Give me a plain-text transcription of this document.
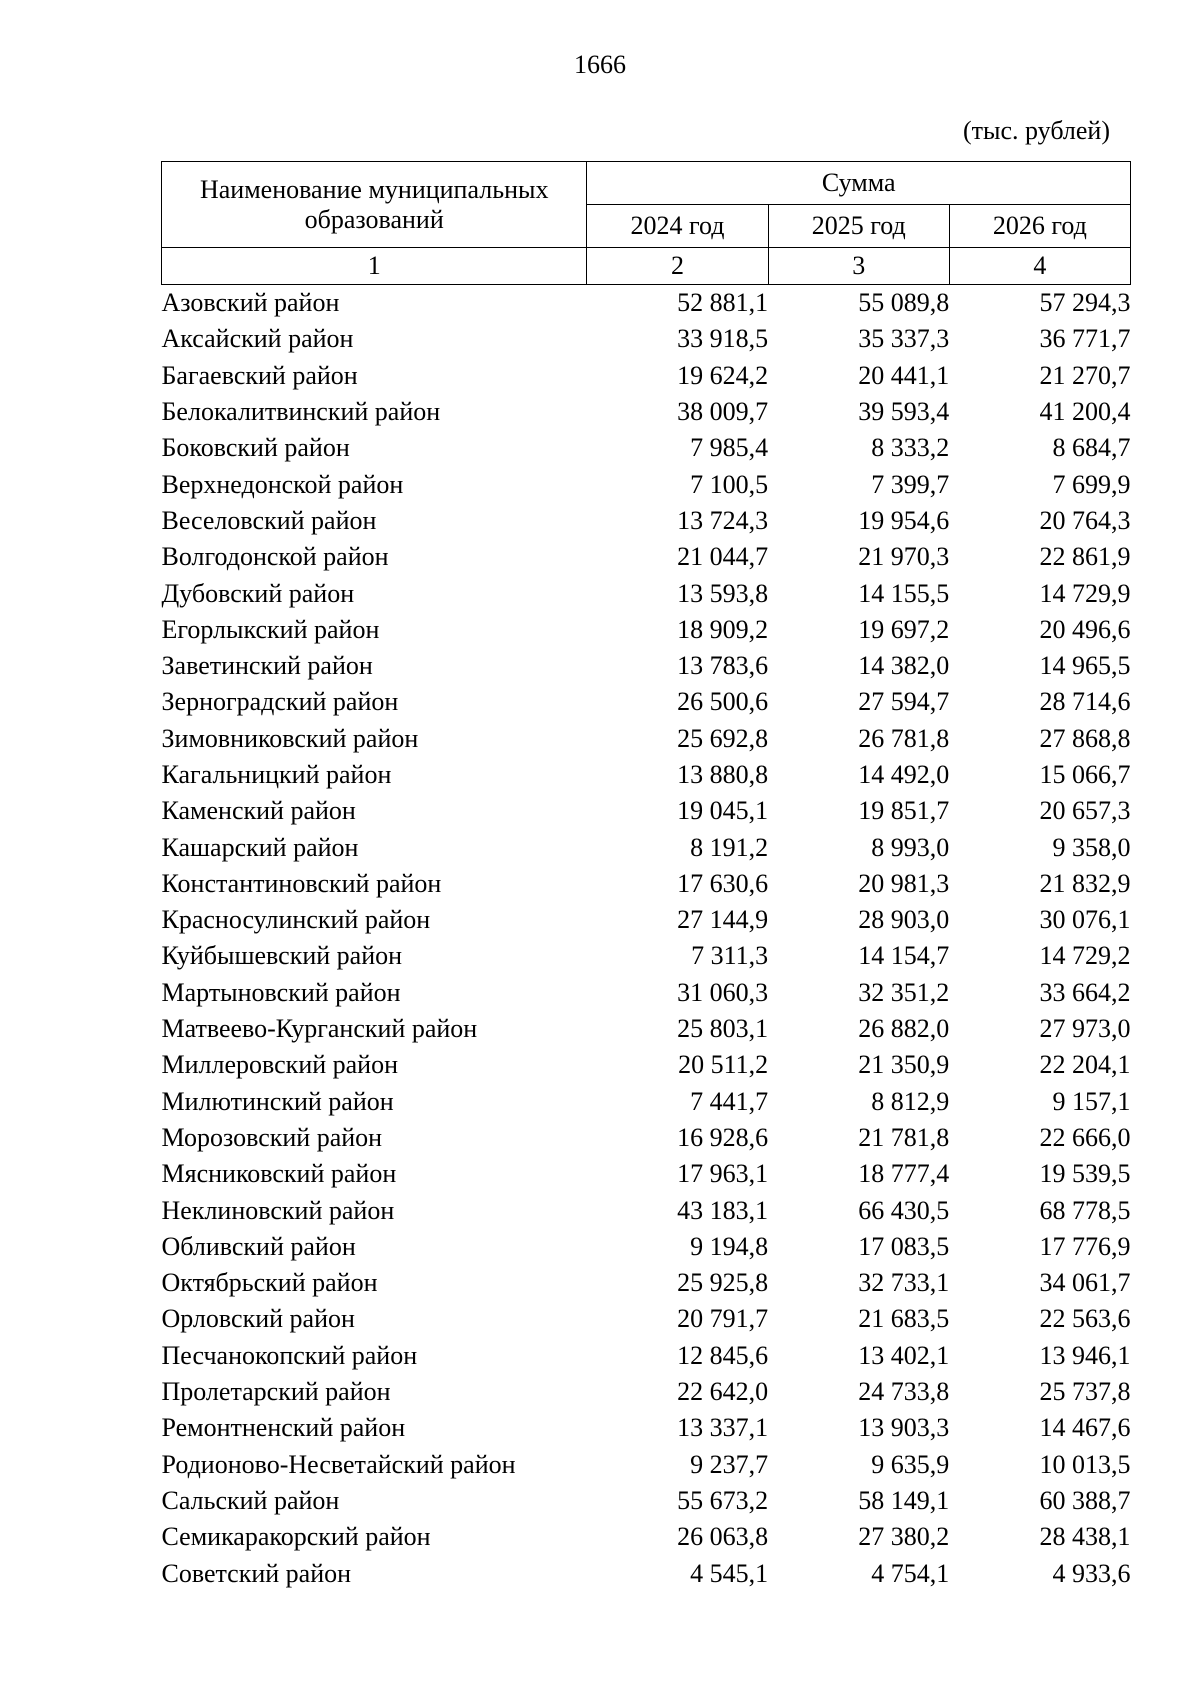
1666
(тыс. рублей)
Наименование муниципальных
образований	Сумма		
	2024 год	2025 год	2026 год
1	2	3	4
Азовский район	52 881,1	55 089,8	57 294,3
Аксайский район	33 918,5	35 337,3	36 771,7
Багаевский район	19 624,2	20 441,1	21 270,7
Белокалитвинский район	38 009,7	39 593,4	41 200,4
Боковский район	7 985,4	8 333,2	8 684,7
Верхнедонской район	7 100,5	7 399,7	7 699,9
Веселовский район	13 724,3	19 954,6	20 764,3
Волгодонской район	21 044,7	21 970,3	22 861,9
Дубовский район	13 593,8	14 155,5	14 729,9
Егорлыкский район	18 909,2	19 697,2	20 496,6
Заветинский район	13 783,6	14 382,0	14 965,5
Зерноградский район	26 500,6	27 594,7	28 714,6
Зимовниковский район	25 692,8	26 781,8	27 868,8
Кагальницкий район	13 880,8	14 492,0	15 066,7
Каменский район	19 045,1	19 851,7	20 657,3
Кашарский район	8 191,2	8 993,0	9 358,0
Константиновский район	17 630,6	20 981,3	21 832,9
Красносулинский район	27 144,9	28 903,0	30 076,1
Куйбышевский район	7 311,3	14 154,7	14 729,2
Мартыновский район	31 060,3	32 351,2	33 664,2
Матвеево-Курганский район	25 803,1	26 882,0	27 973,0
Миллеровский район	20 511,2	21 350,9	22 204,1
Милютинский район	7 441,7	8 812,9	9 157,1
Морозовский район	16 928,6	21 781,8	22 666,0
Мясниковский район	17 963,1	18 777,4	19 539,5
Неклиновский район	43 183,1	66 430,5	68 778,5
Обливский район	9 194,8	17 083,5	17 776,9
Октябрьский район	25 925,8	32 733,1	34 061,7
Орловский район	20 791,7	21 683,5	22 563,6
Песчанокопский район	12 845,6	13 402,1	13 946,1
Пролетарский район	22 642,0	24 733,8	25 737,8
Ремонтненский район	13 337,1	13 903,3	14 467,6
Родионово-Несветайский район	9 237,7	9 635,9	10 013,5
Сальский район	55 673,2	58 149,1	60 388,7
Семикаракорский район	26 063,8	27 380,2	28 438,1
Советский район	4 545,1	4 754,1	4 933,6
